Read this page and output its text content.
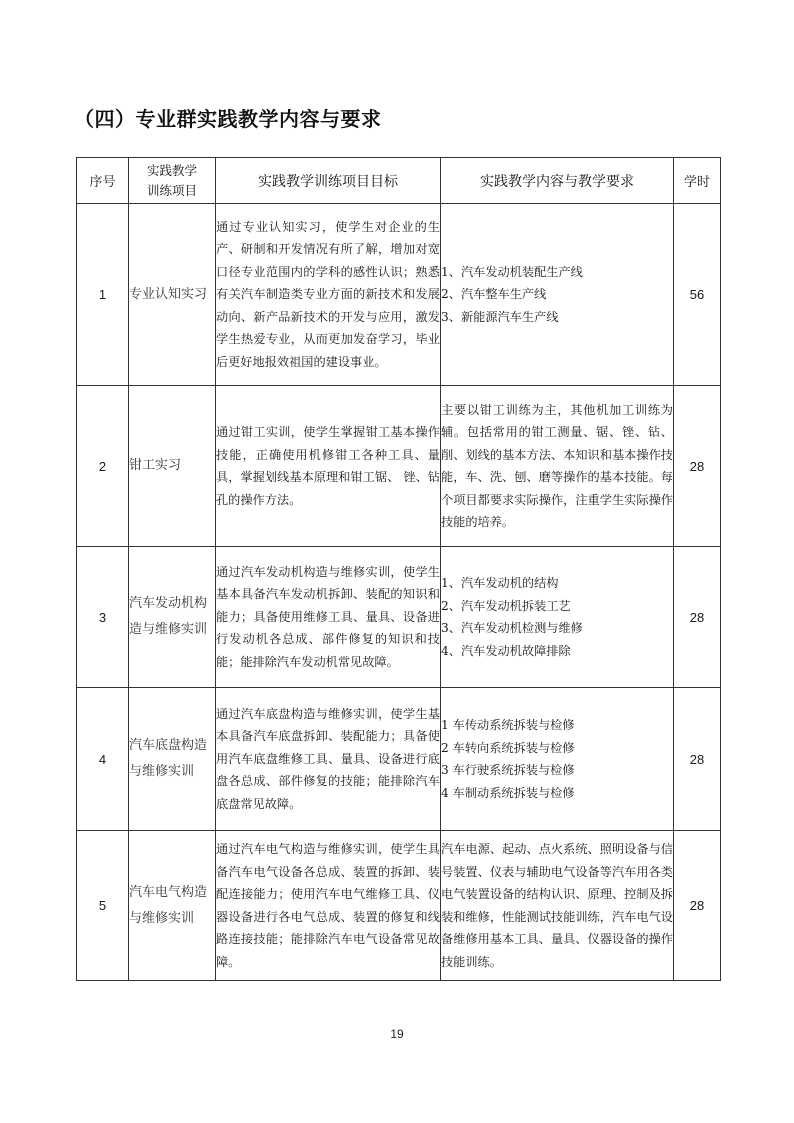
（四）专业群实践教学内容与要求
序号	实践教学训练项目	实践教学训练项目目标	实践教学内容与教学要求	学时
1	专业认知实习	通过专业认知实习，使学生对企业的生产、研制和开发情况有所了解，增加对宽口径专业范围内的学科的感性认识；熟悉有关汽车制造类专业方面的新技术和发展动向、新产品新技术的开发与应用，激发学生热爱专业，从而更加发奋学习，毕业后更好地报效祖国的建设事业。	1、汽车发动机装配生产线
2、汽车整车生产线
3、新能源汽车生产线	56
2	钳工实习	通过钳工实训，使学生掌握钳工基本操作技能，正确使用机修钳工各种工具、量具，掌握划线基本原理和钳工锯、 锉、钻孔的操作方法。	主要以钳工训练为主，其他机加工训练为辅。包括常用的钳工测量、锯、锉、钻、削、划线的基本方法、本知识和基本操作技能，车、洗、刨、磨等操作的基本技能。每个项目都要求实际操作，注重学生实际操作技能的培养。	28
3	汽车发动机构造与维修实训	通过汽车发动机构造与维修实训，使学生基本具备汽车发动机拆卸、装配的知识和能力；具备使用维修工具、量具、设备进行发动机各总成、部件修复的知识和技能；能排除汽车发动机常见故障。	1、汽车发动机的结构
2、汽车发动机拆装工艺
3、汽车发动机检测与维修
4、汽车发动机故障排除	28
4	汽车底盘构造与维修实训	通过汽车底盘构造与维修实训，使学生基本具备汽车底盘拆卸、装配能力；具备使用汽车底盘维修工具、量具、设备进行底盘各总成、部件修复的技能；能排除汽车底盘常见故障。	1 车传动系统拆装与检修
2 车转向系统拆装与检修
3 车行驶系统拆装与检修
4 车制动系统拆装与检修	28
5	汽车电气构造与维修实训	通过汽车电气构造与维修实训，使学生具备汽车电气设备各总成、装置的拆卸、装配连接能力；使用汽车电气维修工具、仪器设备进行各电气总成、装置的修复和线路连接技能；能排除汽车电气设备常见故障。	汽车电源、起动、点火系统、照明设备与信号装置、仪表与辅助电气设备等汽车用各类电气装置设备的结构认识、原理、控制及拆装和维修，性能测试技能训练，汽车电气设备维修用基本工具、量具、仪器设备的操作技能训练。	28
19
